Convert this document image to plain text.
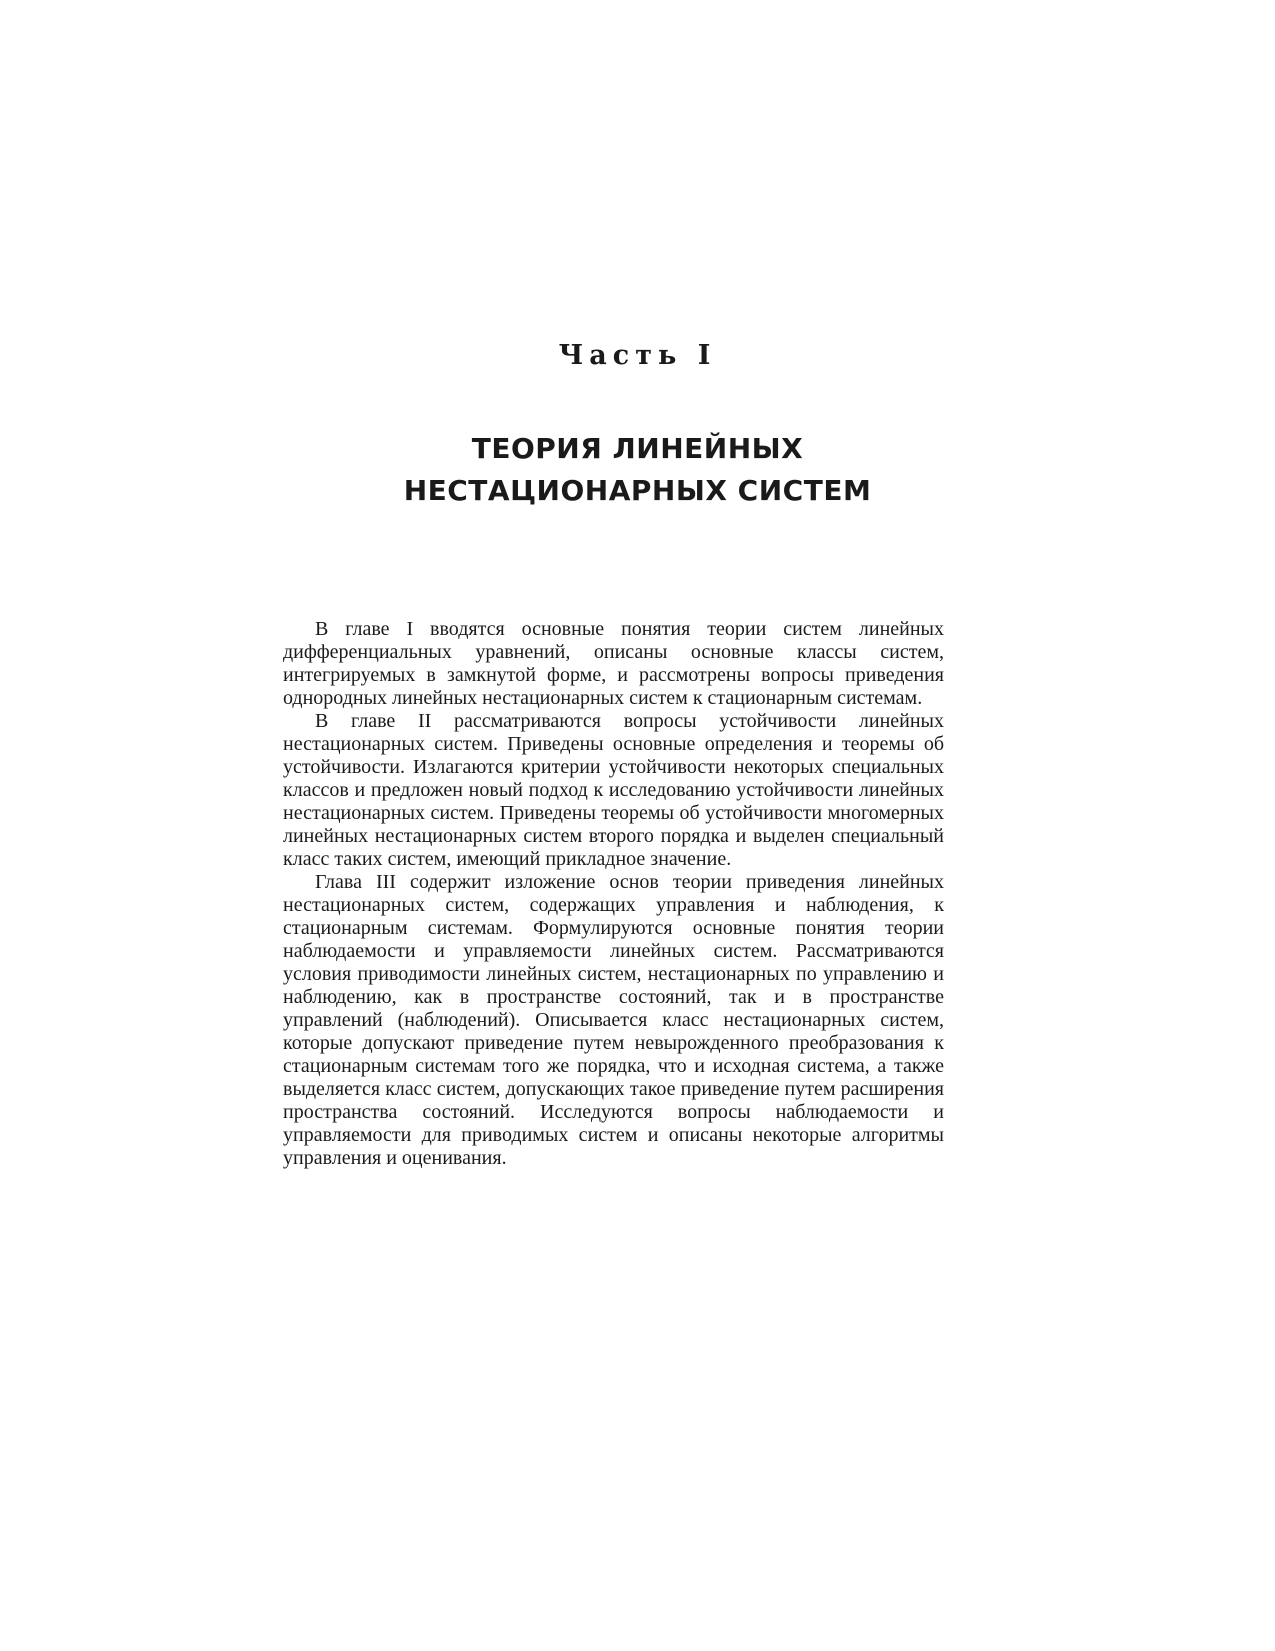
Часть I
ТЕОРИЯ ЛИНЕЙНЫХ
НЕСТАЦИОНАРНЫХ СИСТЕМ

В главе I вводятся основные понятия теории систем линейных дифференциальных уравнений, описаны основные классы систем, интегрируемых в замкнутой форме, и рассмотрены вопросы приведения однородных линейных нестационарных систем к стационарным системам.

В главе II рассматриваются вопросы устойчивости линейных нестационарных систем. Приведены основные определения и теоремы об устойчивости. Излагаются критерии устойчивости некоторых специальных классов и предложен новый подход к исследованию устойчивости линейных нестационарных систем. Приведены теоремы об устойчивости многомерных линейных нестационарных систем второго порядка и выделен специальный класс таких систем, имеющий прикладное значение.

Глава III содержит изложение основ теории приведения линейных нестационарных систем, содержащих управления и наблюдения, к стационарным системам. Формулируются основные понятия теории наблюдаемости и управляемости линейных систем. Рассматриваются условия приводимости линейных систем, нестационарных по управлению и наблюдению, как в пространстве состояний, так и в пространстве управлений (наблюдений). Описывается класс нестационарных систем, которые допускают приведение путем невырожденного преобразования к стационарным системам того же порядка, что и исходная система, а также выделяется класс систем, допускающих такое приведение путем расширения пространства состояний. Исследуются вопросы наблюдаемости и управляемости для приводимых систем и описаны некоторые алгоритмы управления и оценивания.
